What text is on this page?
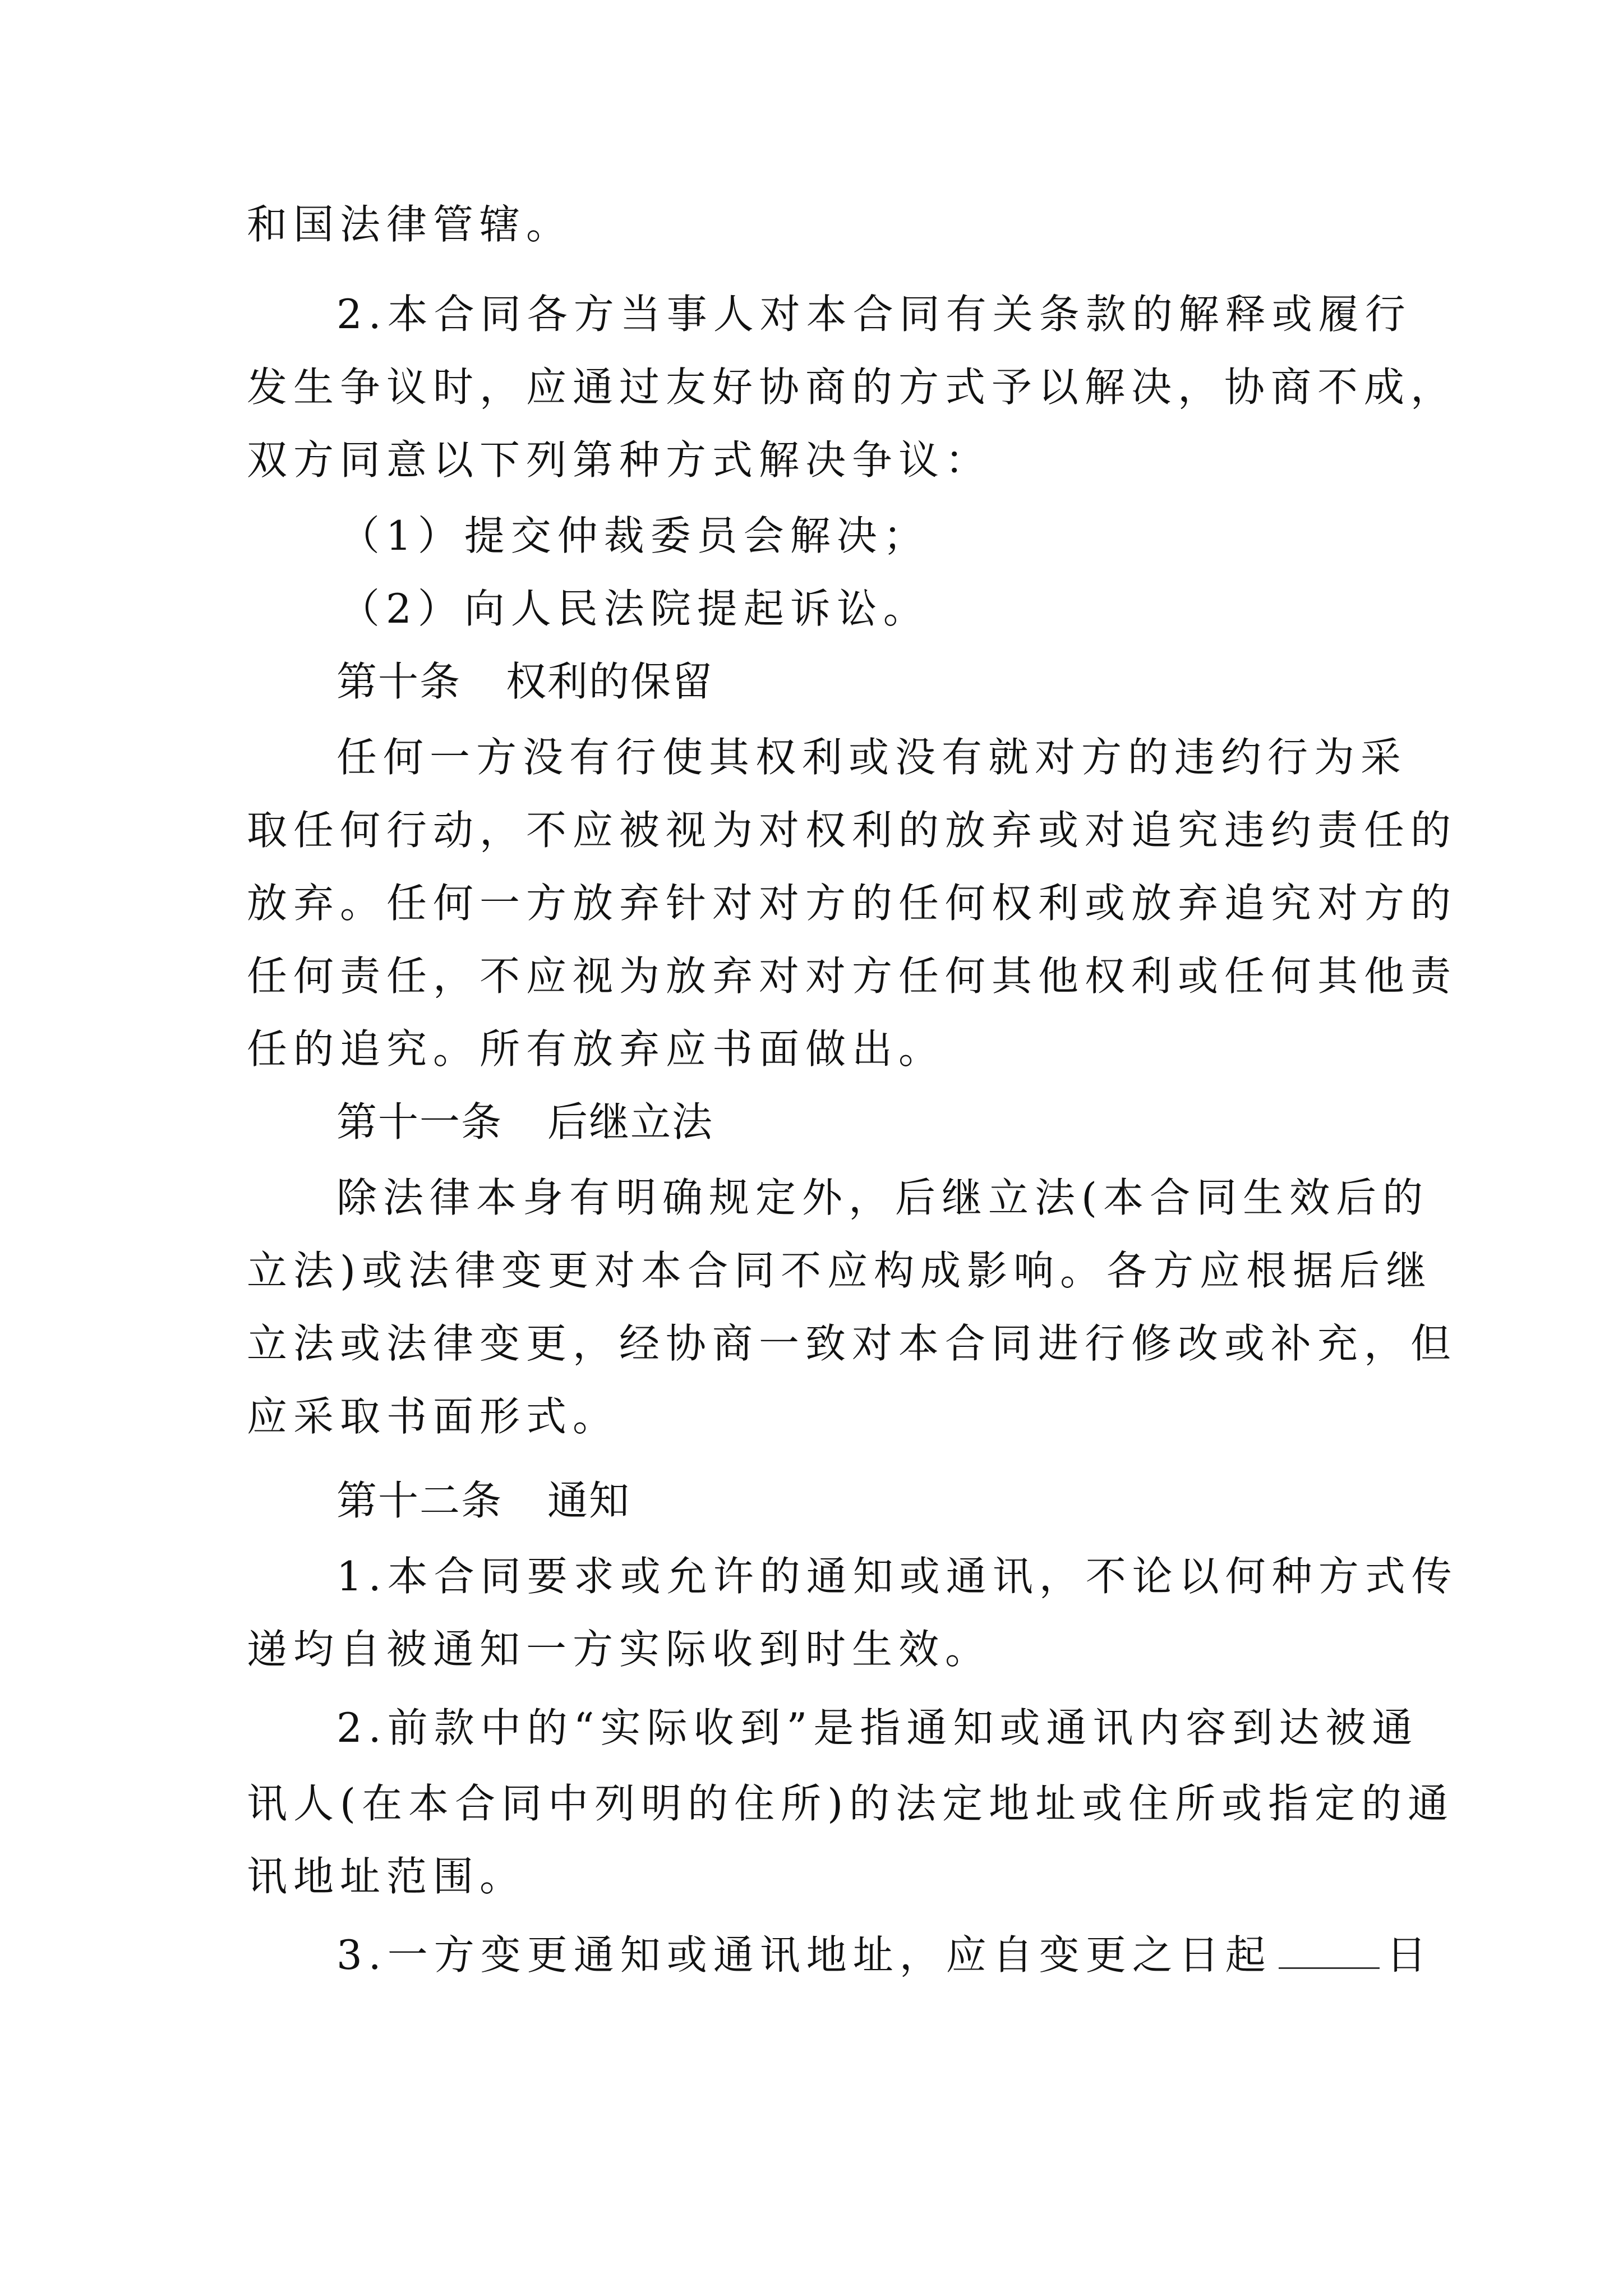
和国法律管辖。
2.本合同各方当事人对本合同有关条款的解释或履行
发生争议时，应通过友好协商的方式予以解决，协商不成，
双方同意以下列第种方式解决争议：
（1）提交仲裁委员会解决；
（2）向人民法院提起诉讼。
第十条 权利的保留
任何一方没有行使其权利或没有就对方的违约行为采
取任何行动，不应被视为对权利的放弃或对追究违约责任的
放弃。任何一方放弃针对对方的任何权利或放弃追究对方的
任何责任，不应视为放弃对对方任何其他权利或任何其他责
任的追究。所有放弃应书面做出。
第十一条 后继立法
除法律本身有明确规定外，后继立法(本合同生效后的
立法)或法律变更对本合同不应构成影响。各方应根据后继
立法或法律变更，经协商一致对本合同进行修改或补充，但
应采取书面形式。
第十二条 通知
1.本合同要求或允许的通知或通讯，不论以何种方式传
递均自被通知一方实际收到时生效。
2.前款中的“实际收到”是指通知或通讯内容到达被通
讯人(在本合同中列明的住所)的法定地址或住所或指定的通
讯地址范围。
3.一方变更通知或通讯地址，应自变更之日起	日
